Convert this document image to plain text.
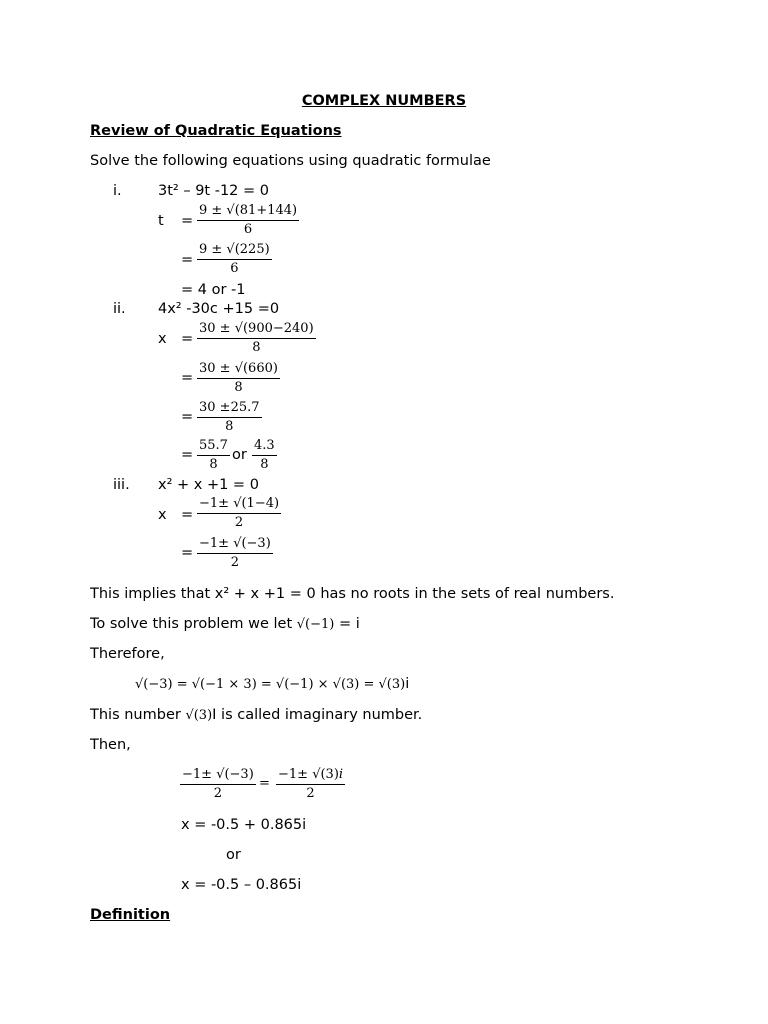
COMPLEX NUMBERS
Review of Quadratic Equations
Solve the following equations using quadratic formulae
i.	3t² – 9t -12 = 0
$t = \frac{9 \pm √(81+144)}{6}$
= $\frac{9 \pm √(225)}{6}$
= 4 or -1
ii. 4x² -30c +15 =0
$x = \frac{30 \pm √(900-240)}{8}$
= $\frac{30 \pm √(660)}{8}$
= $\frac{30 \pm 25.7}{8}$
= $\frac{55.7}{8}$ or $\frac{4.3}{8}$
iii. x² + x +1 = 0
$x = \frac{-1\pm √(1-4)}{2}$
= $\frac{-1\pm √(-3)}{2}$
This implies that x² + x +1 = 0 has no roots in the sets of real numbers.
To solve this problem we let √(−1) = i
Therefore,
√(−3) = √(−1 × 3) = √(−1) × √(3) = √(3)i
This number √(3)I is called imaginary number.
Then,
$\frac{-1\pm √(-3)}{2} = \frac{-1\pm √(3)i}{2}$
x = -0.5 + 0.865i
or
x = -0.5 – 0.865i
Definition
